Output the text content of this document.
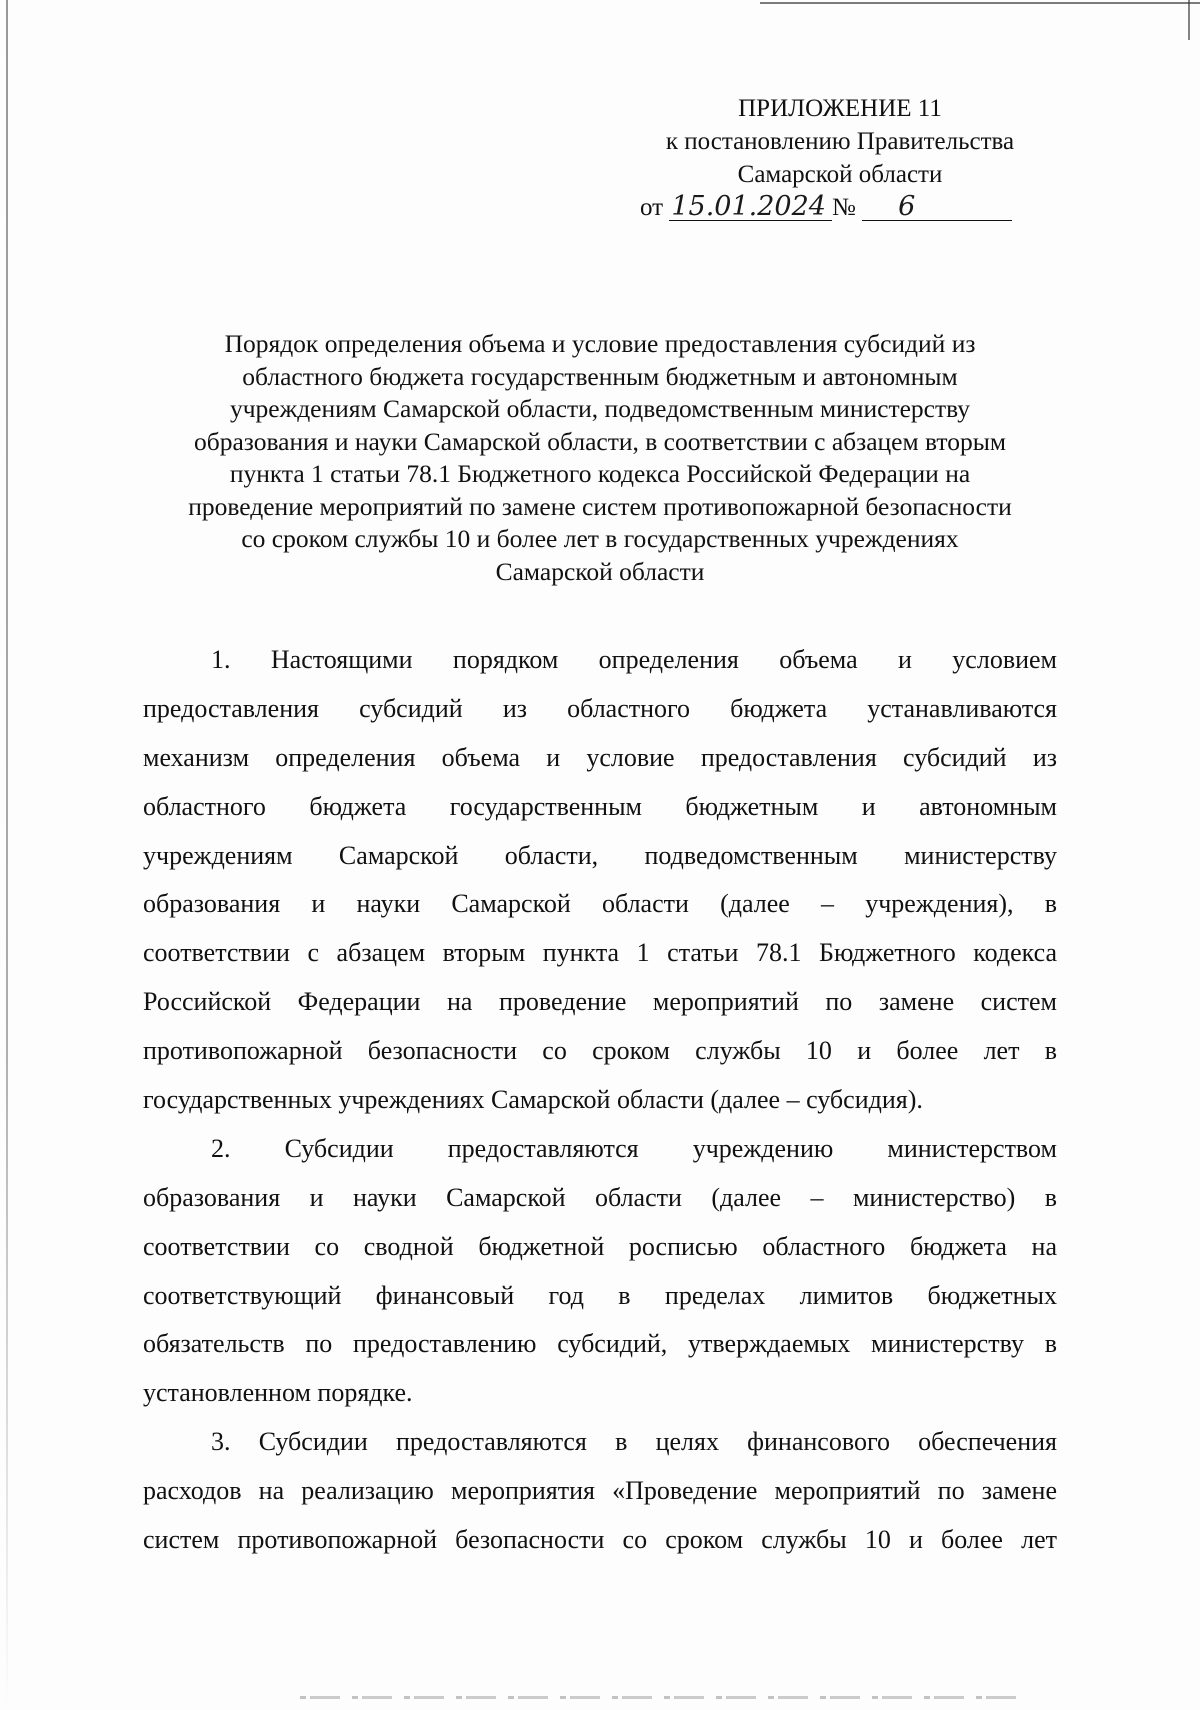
ПРИЛОЖЕНИЕ 11
к постановлению Правительства
Самарской области
от 15.01.2024 № 6
Порядок определения объема и условие предоставления субсидий из
областного бюджета государственным бюджетным и автономным
учреждениям Самарской области, подведомственным министерству
образования и науки Самарской области, в соответствии с абзацем вторым
пункта 1 статьи 78.1 Бюджетного кодекса Российской Федерации на
проведение мероприятий по замене систем противопожарной безопасности
со сроком службы 10 и более лет в государственных учреждениях
Самарской области
1. Настоящими порядком определения объема и условием
предоставления субсидий из областного бюджета устанавливаются
механизм определения объема и условие предоставления субсидий из
областного бюджета государственным бюджетным и автономным
учреждениям Самарской области, подведомственным министерству
образования и науки Самарской области (далее – учреждения), в
соответствии с абзацем вторым пункта 1 статьи 78.1 Бюджетного кодекса
Российской Федерации на проведение мероприятий по замене систем
противопожарной безопасности со сроком службы 10 и более лет в
государственных учреждениях Самарской области (далее – субсидия).
2. Субсидии предоставляются учреждению министерством
образования и науки Самарской области (далее – министерство) в
соответствии со сводной бюджетной росписью областного бюджета на
соответствующий финансовый год в пределах лимитов бюджетных
обязательств по предоставлению субсидий, утверждаемых министерству в
установленном порядке.
3. Субсидии предоставляются в целях финансового обеспечения
расходов на реализацию мероприятия «Проведение мероприятий по замене
систем противопожарной безопасности со сроком службы 10 и более лет
